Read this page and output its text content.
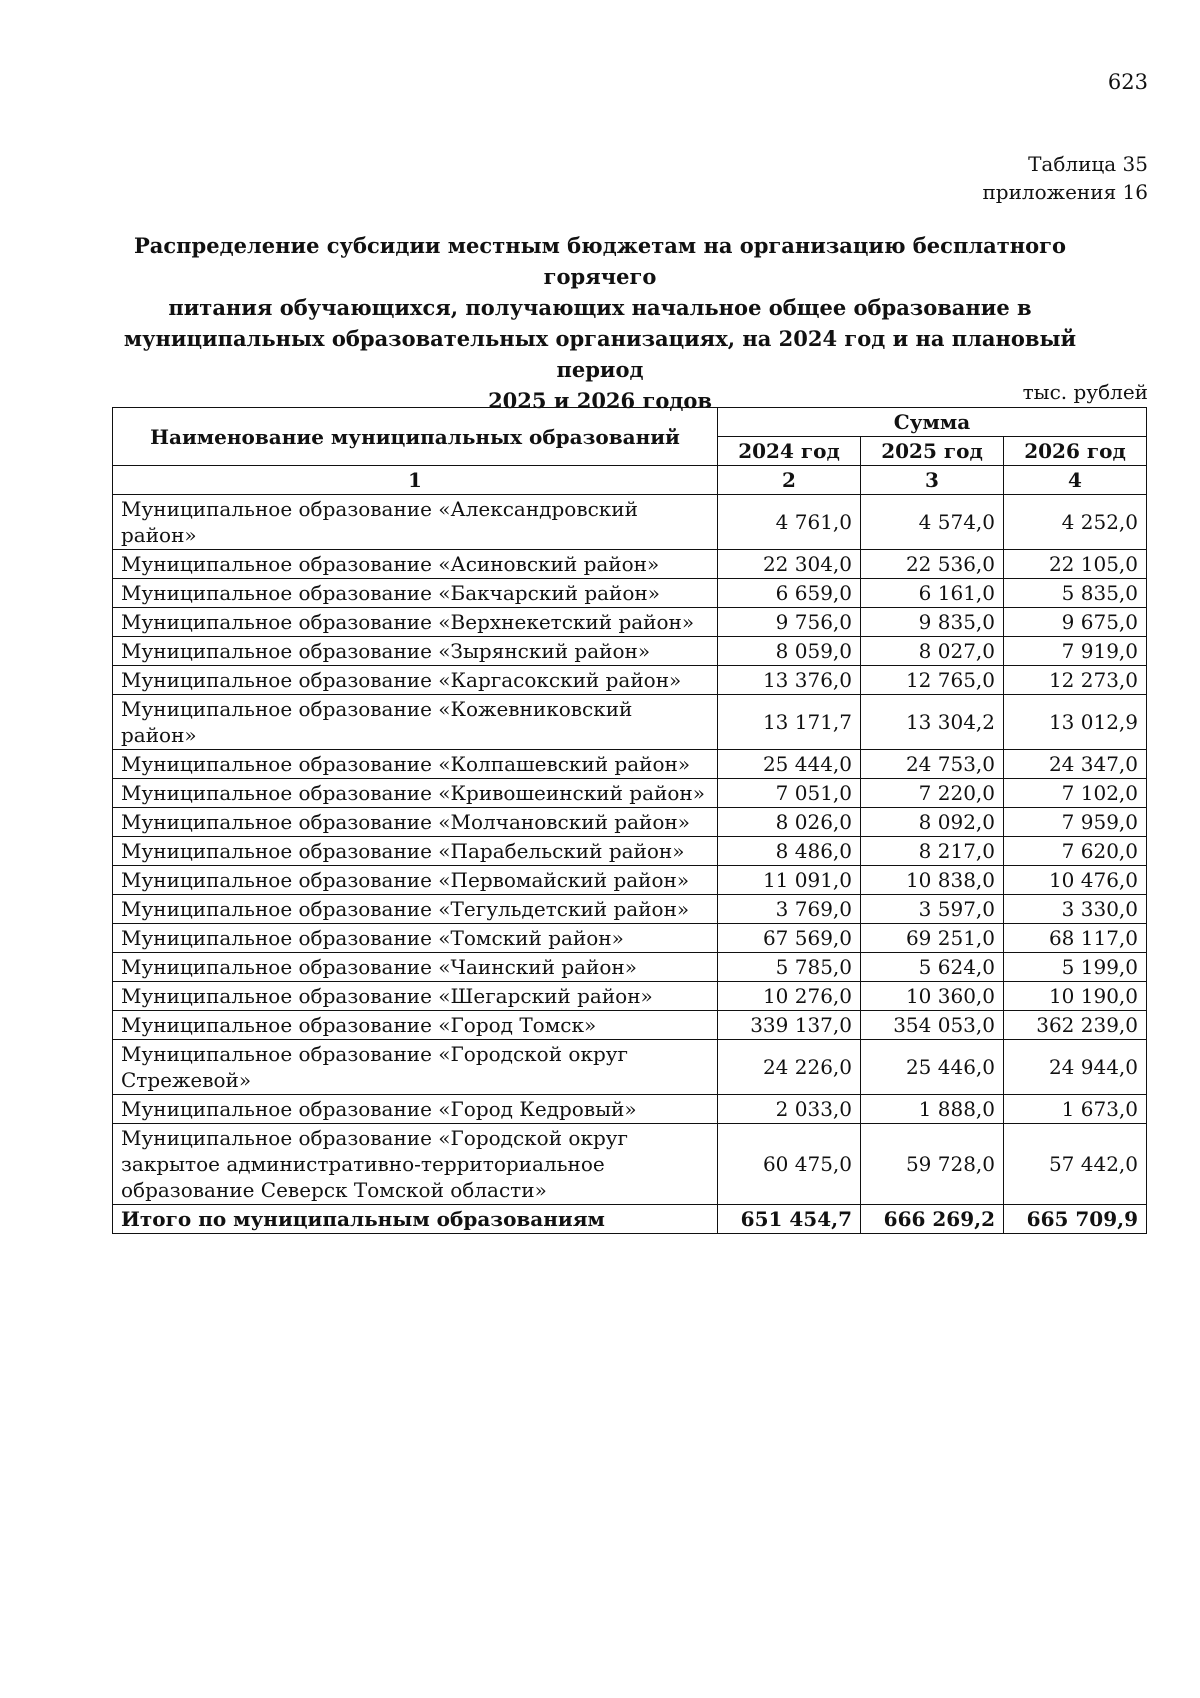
623
Таблица 35
приложения 16
Распределение субсидии местным бюджетам на организацию бесплатного горячего
питания обучающихся, получающих начальное общее образование в
муниципальных образовательных организациях, на 2024 год и на плановый период
2025 и 2026 годов	тыс. рублей
Наименование муниципальных образований	Сумма		
	2024 год	2025 год	2026 год
1	2	3	4
Муниципальное образование «Александровский район»	4 761,0	4 574,0	4 252,0
Муниципальное образование «Асиновский район»	22 304,0	22 536,0	22 105,0
Муниципальное образование «Бакчарский район»	6 659,0	6 161,0	5 835,0
Муниципальное образование «Верхнекетский район»	9 756,0	9 835,0	9 675,0
Муниципальное образование «Зырянский район»	8 059,0	8 027,0	7 919,0
Муниципальное образование «Каргасокский район»	13 376,0	12 765,0	12 273,0
Муниципальное образование «Кожевниковский район»	13 171,7	13 304,2	13 012,9
Муниципальное образование «Колпашевский район»	25 444,0	24 753,0	24 347,0
Муниципальное образование «Кривошеинский район»	7 051,0	7 220,0	7 102,0
Муниципальное образование «Молчановский район»	8 026,0	8 092,0	7 959,0
Муниципальное образование «Парабельский район»	8 486,0	8 217,0	7 620,0
Муниципальное образование «Первомайский район»	11 091,0	10 838,0	10 476,0
Муниципальное образование «Тегульдетский район»	3 769,0	3 597,0	3 330,0
Муниципальное образование «Томский район»	67 569,0	69 251,0	68 117,0
Муниципальное образование «Чаинский район»	5 785,0	5 624,0	5 199,0
Муниципальное образование «Шегарский район»	10 276,0	10 360,0	10 190,0
Муниципальное образование «Город Томск»	339 137,0	354 053,0	362 239,0
Муниципальное образование «Городской округ Стрежевой»	24 226,0	25 446,0	24 944,0
Муниципальное образование «Город Кедровый»	2 033,0	1 888,0	1 673,0
Муниципальное образование «Городской округ закрытое административно-территориальное образование Северск Томской области»	60 475,0	59 728,0	57 442,0
Итого по муниципальным образованиям	651 454,7	666 269,2	665 709,9
